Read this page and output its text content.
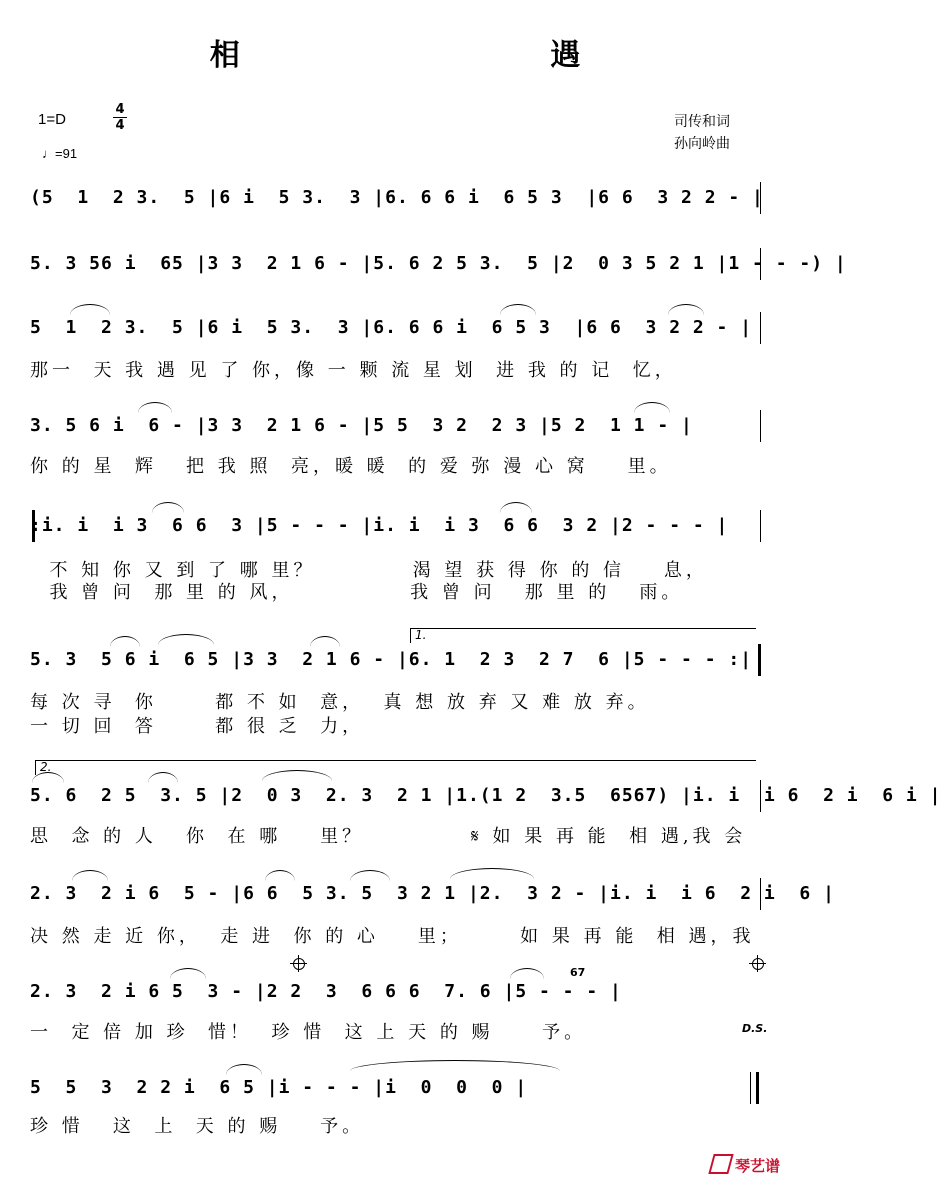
相 遇
1=D
4
4
♩=91
司传和词
孙向岭曲
(5  1  2 3.  5 |6 i  5 3.  3 |6. 6 6 i  6 5 3  |6 6  3 2 2 - |
5. 3 56 i  65 |3 3  2 1 6 - |5. 6 2 5 3.  5 |2  0 3 5 2 1 |1 - - -) |
5  1  2 3.  5 |6 i  5 3.  3 |6. 6 6 i  6 5 3  |6 6  3 2 2 - |
那一  天 我 遇 见 了 你，像 一 颗 流 星 划  进 我 的 记  忆，
3. 5 6 i  6 - |3 3  2 1 6 - |5 5  3 2  2 3 |5 2  1 1 - |
你 的 星  辉   把 我 照  亮，暖 暖  的 爱 弥 漫 心 窝    里。
:i. i  i 3  6 6  3 |5 - - - |i. i  i 3  6 6  3 2 |2 - - - |
不 知 你 又 到 了 哪 里？          渴 望 获 得 你 的 信    息，
我 曾 问  那 里 的 风，            我 曾 问   那 里 的   雨。
1.
5. 3  5 6 i  6 5 |3 3  2 1 6 - |6. 1  2 3  2 7  6 |5 - - - :|
每 次 寻  你      都 不 如  意，  真 想 放 弃 又 难 放 弃。
一 切 回  答      都 很 乏  力，
2.
5. 6  2 5  3. 5 |2  0 3  2. 3  2 1 |1.(1 2  3.5  6567) |i. i  i 6  2 i  6 i |
思  念 的 人   你  在 哪    里？           𝄋 如 果 再 能  相 遇,我 会
2. 3  2 i 6  5 - |6 6  5 3. 5  3 2 1 |2.  3 2 - |i. i  i 6  2 i  6 |
决 然 走 近 你，  走 进  你 的 心    里；      如 果 再 能  相 遇，我
67
2. 3  2 i 6 5  3 - |2 2  3  6 6 6  7. 6 |5 - - - |
D.S.
一  定 倍 加 珍  惜！  珍 惜  这 上 天 的 赐     予。
5  5  3  2 2 i  6 5 |i - - - |i  0  0  0 |
珍 惜   这  上  天 的 赐    予。
琴艺谱
